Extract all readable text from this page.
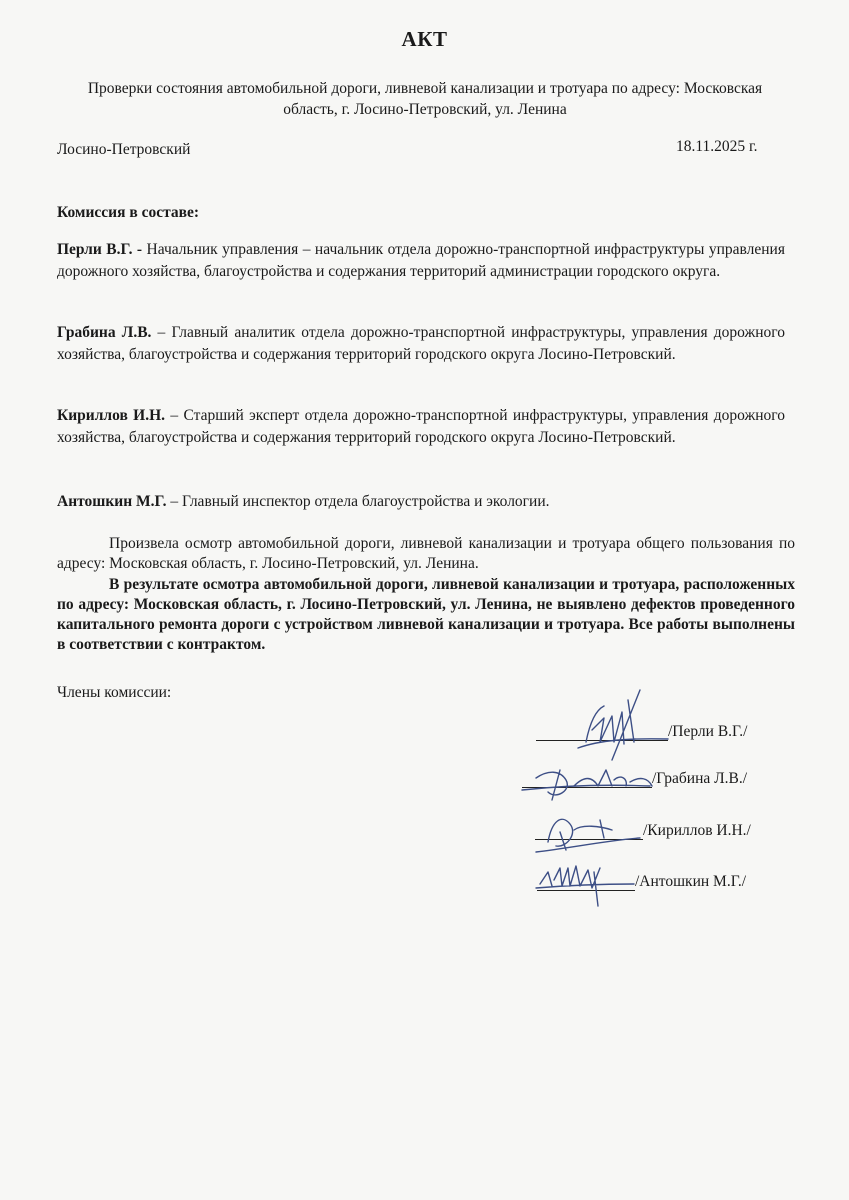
АКТ
Проверки состояния автомобильной дороги, ливневой канализации и тротуара по адресу: Московская область, г. Лосино-Петровский, ул. Ленина
Лосино-Петровский	18.11.2025 г.
Комиссия в составе:
Перли В.Г. - Начальник управления – начальник отдела дорожно-транспортной инфраструктуры управления дорожного хозяйства, благоустройства и содержания территорий администрации городского округа.
Грабина Л.В. – Главный аналитик отдела дорожно-транспортной инфраструктуры, управления дорожного хозяйства, благоустройства и содержания территорий городского округа Лосино-Петровский.
Кириллов И.Н. – Старший эксперт отдела дорожно-транспортной инфраструктуры, управления дорожного хозяйства, благоустройства и содержания территорий городского округа Лосино-Петровский.
Антошкин М.Г. – Главный инспектор отдела благоустройства и экологии.
Произвела осмотр автомобильной дороги, ливневой канализации и тротуара общего пользования по адресу: Московская область, г. Лосино-Петровский, ул. Ленина.
В результате осмотра автомобильной дороги, ливневой канализации и тротуара, расположенных по адресу: Московская область, г. Лосино-Петровский, ул. Ленина, не выявлено дефектов проведенного капитального ремонта дороги с устройством ливневой канализации и тротуара. Все работы выполнены в соответствии с контрактом.
Члены комиссии:
/Перли В.Г./
/Грабина Л.В./
/Кириллов И.Н./
/Антошкин М.Г./
